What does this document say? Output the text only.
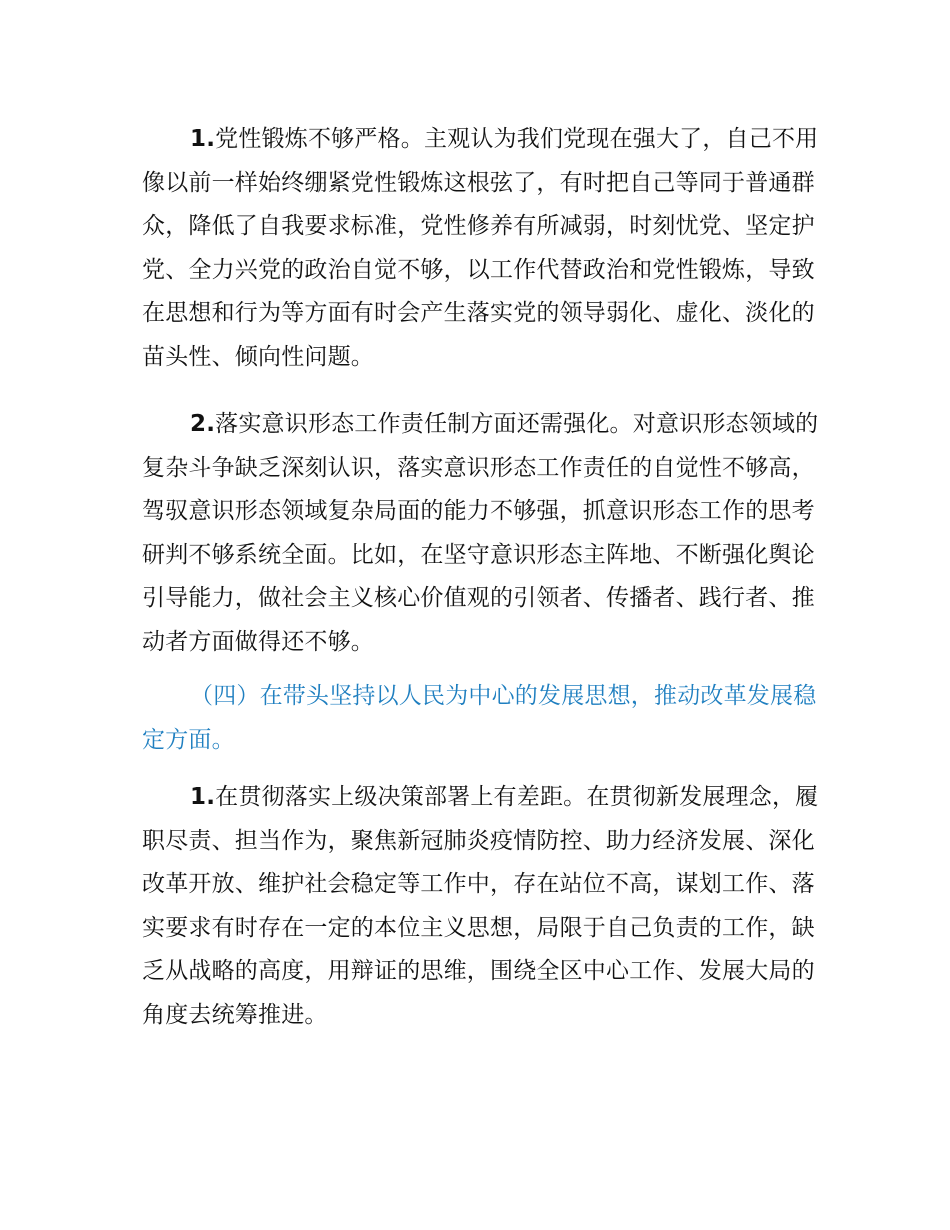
1.党性锻炼不够严格。主观认为我们党现在强大了，自己不用像以前一样始终绷紧党性锻炼这根弦了，有时把自己等同于普通群众，降低了自我要求标准，党性修养有所减弱，时刻忧党、坚定护党、全力兴党的政治自觉不够，以工作代替政治和党性锻炼，导致在思想和行为等方面有时会产生落实党的领导弱化、虚化、淡化的苗头性、倾向性问题。

2.落实意识形态工作责任制方面还需强化。对意识形态领域的复杂斗争缺乏深刻认识，落实意识形态工作责任的自觉性不够高，驾驭意识形态领域复杂局面的能力不够强，抓意识形态工作的思考研判不够系统全面。比如，在坚守意识形态主阵地、不断强化舆论引导能力，做社会主义核心价值观的引领者、传播者、践行者、推动者方面做得还不够。

（四）在带头坚持以人民为中心的发展思想，推动改革发展稳定方面。

1.在贯彻落实上级决策部署上有差距。在贯彻新发展理念，履职尽责、担当作为，聚焦新冠肺炎疫情防控、助力经济发展、深化改革开放、维护社会稳定等工作中，存在站位不高，谋划工作、落实要求有时存在一定的本位主义思想，局限于自己负责的工作，缺乏从战略的高度，用辩证的思维，围绕全区中心工作、发展大局的角度去统筹推进。
